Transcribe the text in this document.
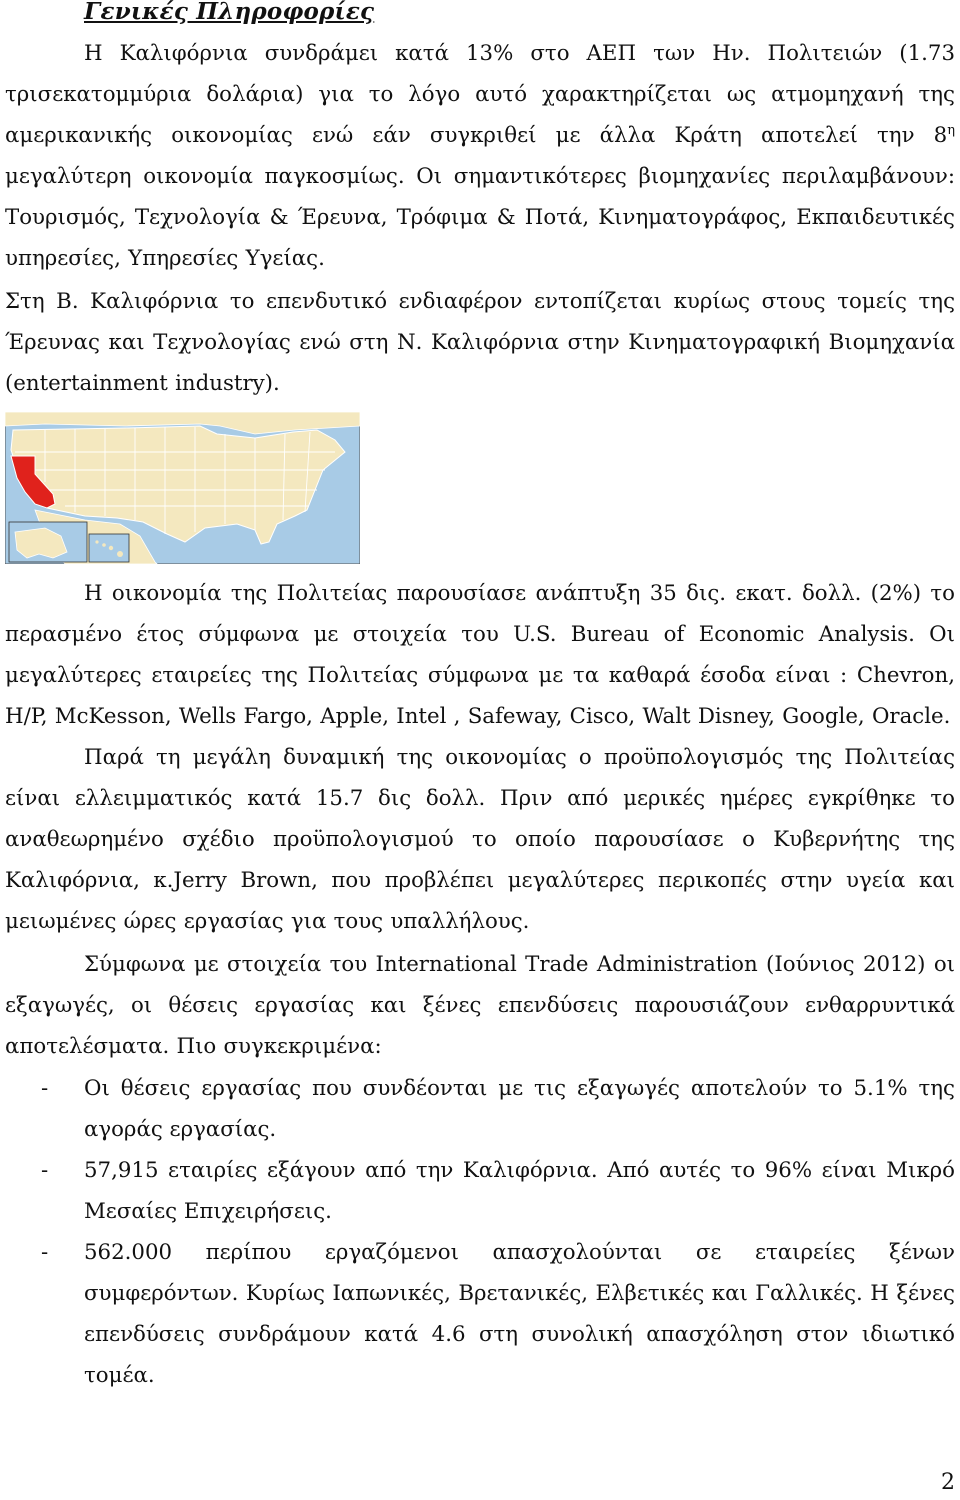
Γενικές Πληροφορίες

Η Καλιφόρνια συνδράμει κατά 13% στο ΑΕΠ των Ην. Πολιτειών (1.73 τρισεκατομμύρια δολάρια) για το λόγο αυτό χαρακτηρίζεται ως ατμομηχανή της αμερικανικής οικονομίας ενώ εάν συγκριθεί με άλλα Κράτη αποτελεί την $8^\eta$ μεγαλύτερη οικονομία παγκοσμίως. Οι σημαντικότερες βιομηχανίες περιλαμβάνουν: Τουρισμός, Τεχνολογία & Έρευνα, Τρόφιμα & Ποτά, Κινηματογράφος, Εκπαιδευτικές υπηρεσίες, Υπηρεσίες Υγείας.

Στη Β. Καλιφόρνια το επενδυτικό ενδιαφέρον εντοπίζεται κυρίως στους τομείς της Έρευνας και Τεχνολογίας ενώ στη Ν. Καλιφόρνια στην Κινηματογραφική Βιομηχανία (entertainment industry).

Η οικονομία της Πολιτείας παρουσίασε ανάπτυξη 35 δις. εκατ. δολλ. (2%) το περασμένο έτος σύμφωνα με στοιχεία του U.S. Bureau of Economic Analysis. Οι μεγαλύτερες εταιρείες της Πολιτείας σύμφωνα με τα καθαρά έσοδα είναι : Chevron, H/P, McKesson, Wells Fargo, Apple, Intel , Safeway, Cisco, Walt Disney, Google, Oracle.

Παρά τη μεγάλη δυναμική της οικονομίας ο προϋπολογισμός της Πολιτείας είναι ελλειμματικός κατά 15.7 δις δολλ. Πριν από μερικές ημέρες εγκρίθηκε το αναθεωρημένο σχέδιο προϋπολογισμού το οποίο παρουσίασε ο Κυβερνήτης της Καλιφόρνια, κ.Jerry Brown, που προβλέπει μεγαλύτερες περικοπές στην υγεία και μειωμένες ώρες εργασίας για τους υπαλλήλους.

Σύμφωνα με στοιχεία του International Trade Administration (Ιούνιος 2012) οι εξαγωγές, οι θέσεις εργασίας και ξένες επενδύσεις παρουσιάζουν ενθαρρυντικά αποτελέσματα. Πιο συγκεκριμένα:

- Οι θέσεις εργασίας που συνδέονται με τις εξαγωγές αποτελούν το 5.1% της αγοράς εργασίας.
- 57,915 εταιρίες εξάγουν από την Καλιφόρνια. Από αυτές το 96% είναι Μικρό Μεσαίες Επιχειρήσεις.
- 562.000 περίπου εργαζόμενοι απασχολούνται σε εταιρείες ξένων συμφερόντων. Κυρίως Ιαπωνικές, Βρετανικές, Ελβετικές και Γαλλικές. Η ξένες επενδύσεις συνδράμουν κατά 4.6 στη συνολική απασχόληση στον ιδιωτικό τομέα.
2
